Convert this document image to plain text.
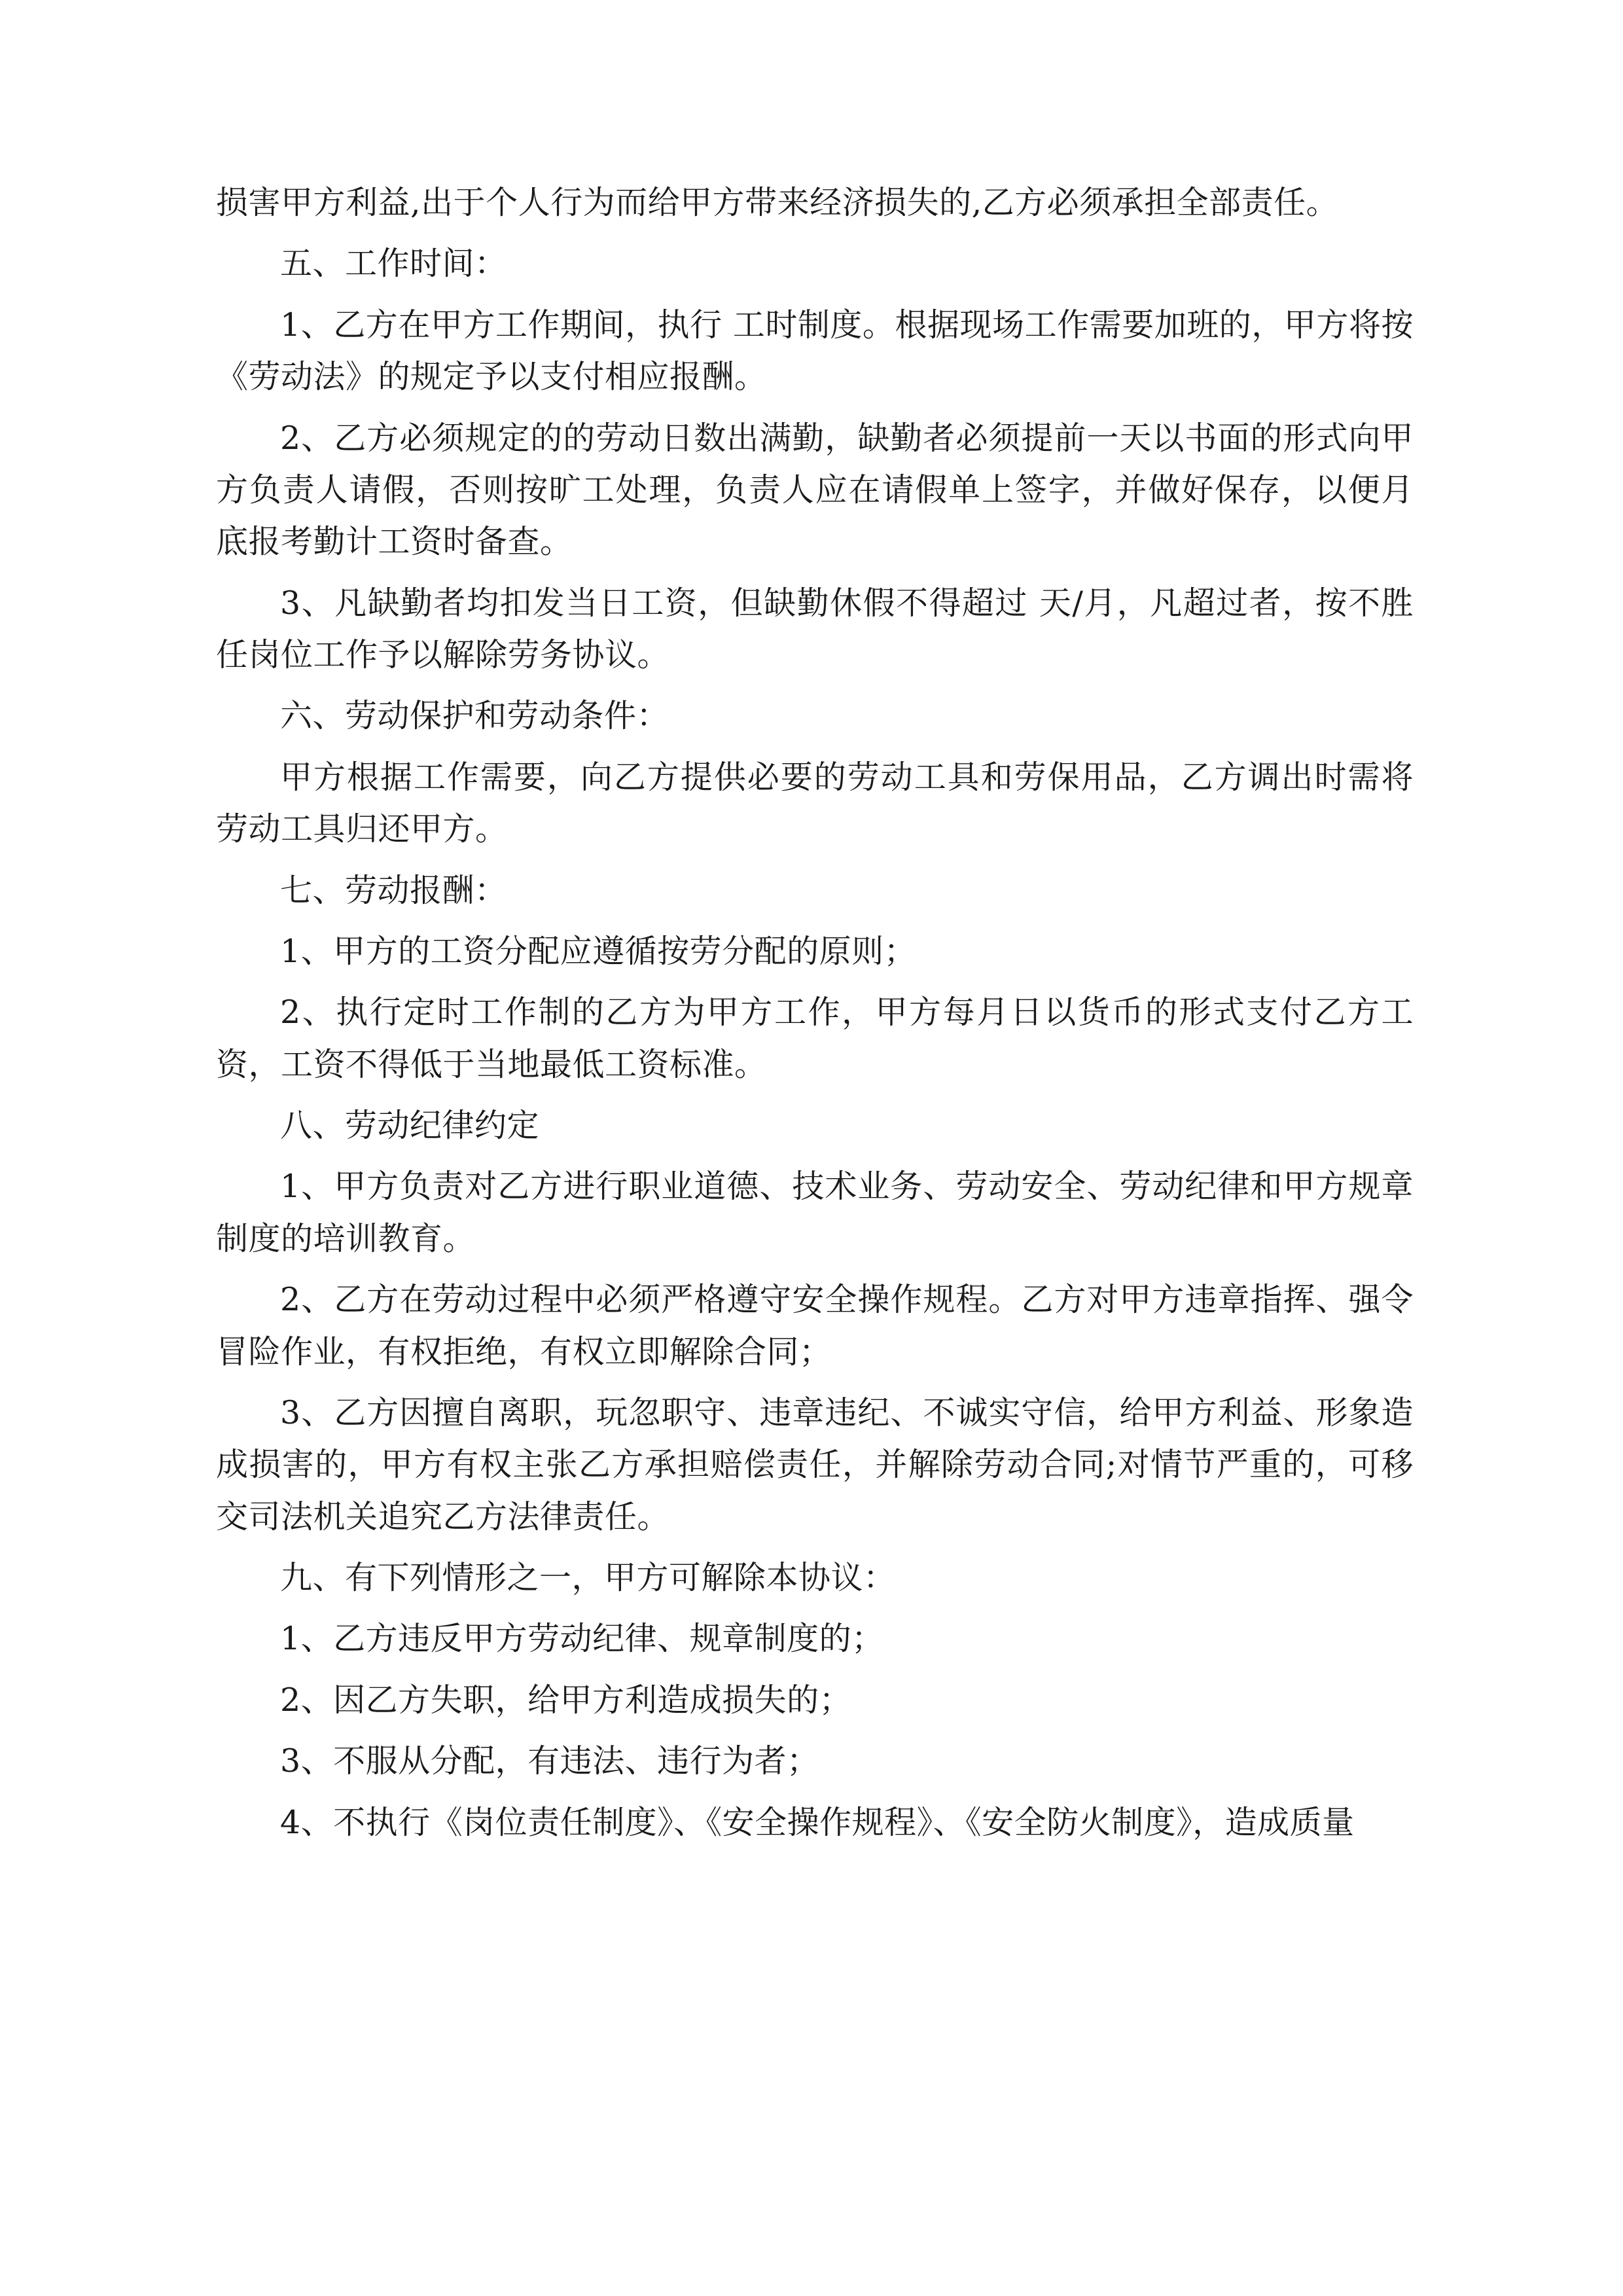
损害甲方利益,出于个人行为而给甲方带来经济损失的,乙方必须承担全部责任。

五、工作时间：

1、乙方在甲方工作期间，执行 工时制度。根据现场工作需要加班的，甲方将按《劳动法》的规定予以支付相应报酬。

2、乙方必须规定的的劳动日数出满勤，缺勤者必须提前一天以书面的形式向甲方负责人请假，否则按旷工处理，负责人应在请假单上签字，并做好保存，以便月底报考勤计工资时备查。

3、凡缺勤者均扣发当日工资，但缺勤休假不得超过 天/月，凡超过者，按不胜任岗位工作予以解除劳务协议。

六、劳动保护和劳动条件：

甲方根据工作需要，向乙方提供必要的劳动工具和劳保用品，乙方调出时需将劳动工具归还甲方。

七、劳动报酬：

1、甲方的工资分配应遵循按劳分配的原则；

2、执行定时工作制的乙方为甲方工作，甲方每月日以货币的形式支付乙方工资，工资不得低于当地最低工资标准。

八、劳动纪律约定

1、甲方负责对乙方进行职业道德、技术业务、劳动安全、劳动纪律和甲方规章制度的培训教育。

2、乙方在劳动过程中必须严格遵守安全操作规程。乙方对甲方违章指挥、强令冒险作业，有权拒绝，有权立即解除合同；

3、乙方因擅自离职，玩忽职守、违章违纪、不诚实守信，给甲方利益、形象造成损害的，甲方有权主张乙方承担赔偿责任，并解除劳动合同;对情节严重的，可移交司法机关追究乙方法律责任。

九、有下列情形之一，甲方可解除本协议：

1、乙方违反甲方劳动纪律、规章制度的；

2、因乙方失职，给甲方利造成损失的；

3、不服从分配，有违法、违行为者；

4、不执行《岗位责任制度》、《安全操作规程》、《安全防火制度》，造成质量
